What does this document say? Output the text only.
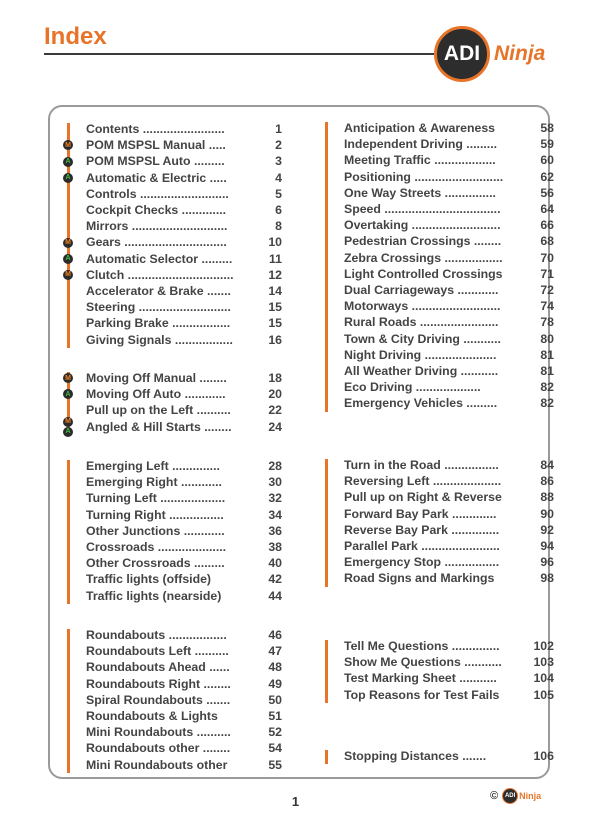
Index
ADI Ninja
Contents ........................	1
POM MSPSL Manual .....	2
M
POM MSPSL Auto .........	3
A
Automatic & Electric .....	4
A
Controls ..........................	5
Cockpit Checks .............	6
Mirrors ............................	8
Gears ..............................	10
M
Automatic Selector .........	11
A
Clutch ...............................	12
M
Accelerator & Brake .......	14
Steering ...........................	15
Parking Brake .................	15
Giving Signals .................	16
Moving Off Manual ........	18
M
Moving Off Auto ............	20
A
Pull up on the Left ..........	22
Angled & Hill Starts ........	24
M
A
Emerging Left ..............	28
Emerging Right ............	30
Turning Left ...................	32
Turning Right ................	34
Other Junctions ............	36
Crossroads ....................	38
Other Crossroads .........	40
Traffic lights (offside)	42
Traffic lights (nearside)	44
Roundabouts .................	46
Roundabouts Left ..........	47
Roundabouts Ahead ......	48
Roundabouts Right ........	49
Spiral Roundabouts .......	50
Roundabouts & Lights	51
Mini Roundabouts ..........	52
Roundabouts other ........	54
Mini Roundabouts other	55
Anticipation & Awareness	58
Independent Driving .........	59
Meeting Traffic ..................	60
Positioning ..........................	62
One Way Streets ...............	56
Speed ..................................	64
Overtaking ..........................	66
Pedestrian Crossings ........	68
Zebra Crossings .................	70
Light Controlled Crossings	71
Dual Carriageways ............	72
Motorways ..........................	74
Rural Roads .......................	78
Town & City Driving ...........	80
Night Driving .....................	81
All Weather Driving ...........	81
Eco Driving ...................	82
Emergency Vehicles .........	82
Turn in the Road ................	84
Reversing Left ....................	86
Pull up on Right & Reverse	88
Forward Bay Park .............	90
Reverse Bay Park ..............	92
Parallel Park .......................	94
Emergency Stop ................	96
Road Signs and Markings	98
Tell Me Questions ..............	102
Show Me Questions ...........	103
Test Marking Sheet ...........	104
Top Reasons for Test Fails	105
Stopping Distances .......	106
1	©	ADI Ninja
